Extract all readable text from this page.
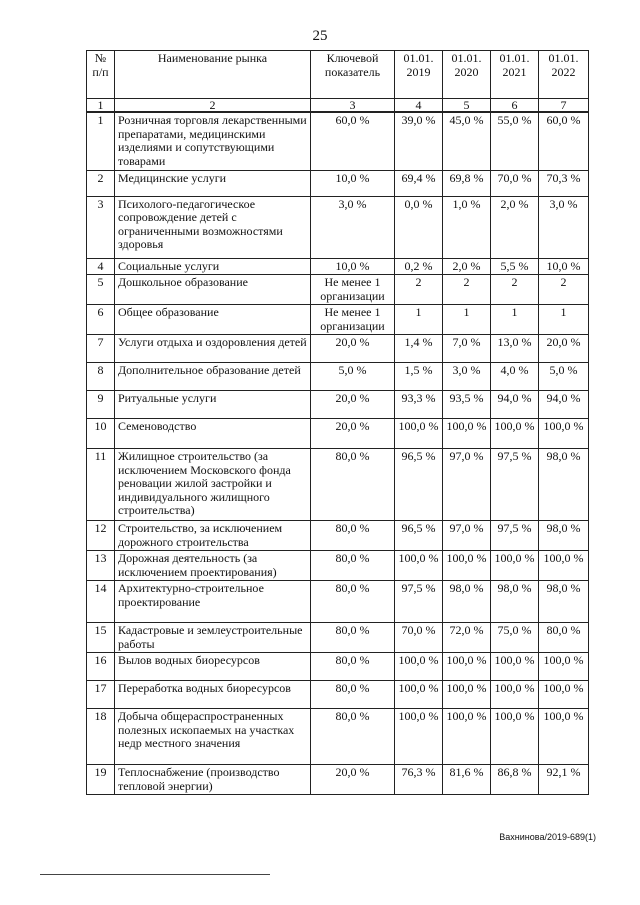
25
№ п/п	Наименование рынка	Ключевой показатель	01.01. 2019	01.01. 2020	01.01. 2021	01.01. 2022
1	2	3	4	5	6	7
1	Розничная торговля лекарственными препаратами, медицинскими изделиями и сопутствующими товарами	60,0 %	39,0 %	45,0 %	55,0 %	60,0 %
2	Медицинские услуги	10,0 %	69,4 %	69,8 %	70,0 %	70,3 %
3	Психолого-педагогическое сопровождение детей с ограниченными возможностями здоровья	3,0 %	0,0 %	1,0 %	2,0 %	3,0 %
4	Социальные услуги	10,0 %	0,2 %	2,0 %	5,5 %	10,0 %
5	Дошкольное образование	Не менее 1 организации	2	2	2	2
6	Общее образование	Не менее 1 организации	1	1	1	1
7	Услуги отдыха и оздоровления детей	20,0 %	1,4 %	7,0 %	13,0 %	20,0 %
8	Дополнительное образование детей	5,0 %	1,5 %	3,0 %	4,0 %	5,0 %
9	Ритуальные услуги	20,0 %	93,3 %	93,5 %	94,0 %	94,0 %
10	Семеноводство	20,0 %	100,0 %	100,0 %	100,0 %	100,0 %
11	Жилищное строительство (за исключением Московского фонда реновации жилой застройки и индивидуального жилищного строительства)	80,0 %	96,5 %	97,0 %	97,5 %	98,0 %
12	Строительство, за исключением дорожного строительства	80,0 %	96,5 %	97,0 %	97,5 %	98,0 %
13	Дорожная деятельность (за исключением проектирования)	80,0 %	100,0 %	100,0 %	100,0 %	100,0 %
14	Архитектурно-строительное проектирование	80,0 %	97,5 %	98,0 %	98,0 %	98,0 %
15	Кадастровые и землеустроительные работы	80,0 %	70,0 %	72,0 %	75,0 %	80,0 %
16	Вылов водных биоресурсов	80,0 %	100,0 %	100,0 %	100,0 %	100,0 %
17	Переработка водных биоресурсов	80,0 %	100,0 %	100,0 %	100,0 %	100,0 %
18	Добыча общераспространенных полезных ископаемых на участках недр местного значения	80,0 %	100,0 %	100,0 %	100,0 %	100,0 %
19	Теплоснабжение (производство тепловой энергии)	20,0 %	76,3 %	81,6 %	86,8 %	92,1 %
Вахнинова/2019-689(1)
